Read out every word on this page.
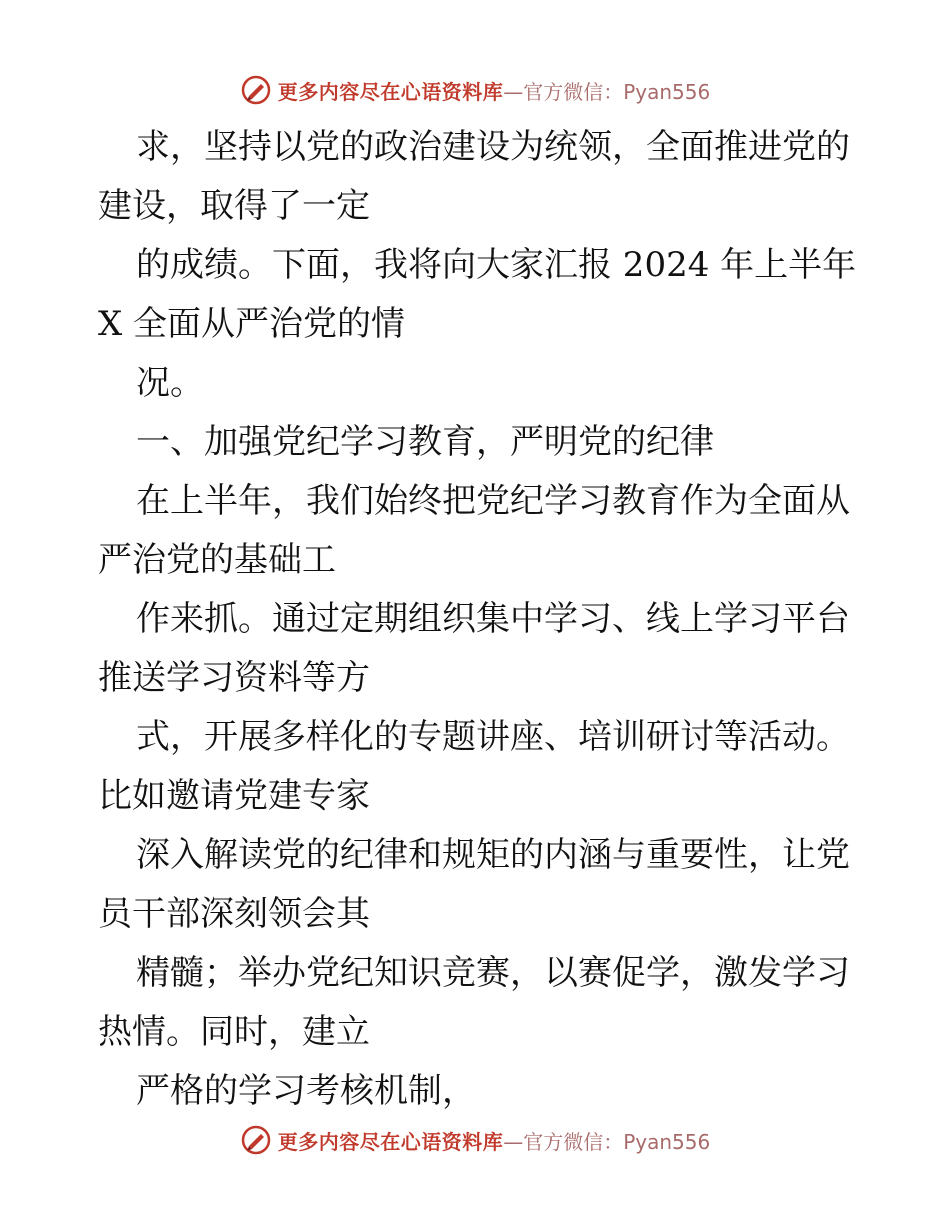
更多内容尽在心语资料库 —官方微信：Pyan556
求，坚持以党的政治建设为统领，全面推进党的
建设，取得了一定
的成绩。下面，我将向大家汇报 2024 年上半年
X 全面从严治党的情
况。
一、加强党纪学习教育，严明党的纪律
在上半年，我们始终把党纪学习教育作为全面从
严治党的基础工
作来抓。通过定期组织集中学习、线上学习平台
推送学习资料等方
式，开展多样化的专题讲座、培训研讨等活动。
比如邀请党建专家
深入解读党的纪律和规矩的内涵与重要性，让党
员干部深刻领会其
精髓；举办党纪知识竞赛，以赛促学，激发学习
热情。同时，建立
严格的学习考核机制，
更多内容尽在心语资料库 —官方微信：Pyan556
